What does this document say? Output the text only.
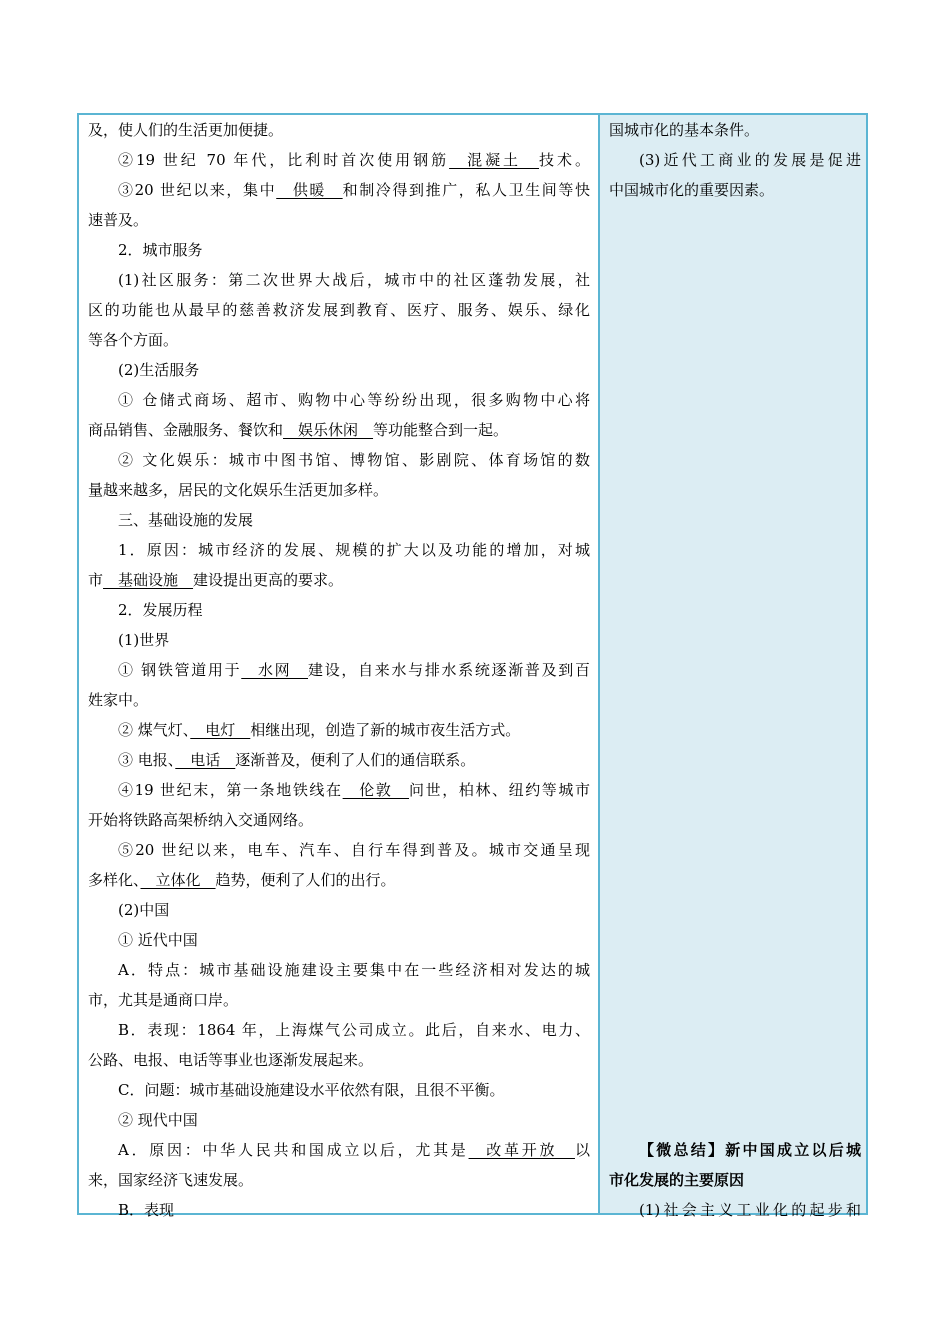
及，使人们的生活更加便捷。
②19 世纪 70 年代，比利时首次使用钢筋　混凝土　技术。
③20 世纪以来，集中　供暖　和制冷得到推广，私人卫生间等快
速普及。
2．城市服务
(1)社区服务：第二次世界大战后，城市中的社区蓬勃发展，社
区的功能也从最早的慈善救济发展到教育、医疗、服务、娱乐、绿化
等各个方面。
(2)生活服务
① 仓储式商场、超市、购物中心等纷纷出现，很多购物中心将
商品销售、金融服务、餐饮和　娱乐休闲　等功能整合到一起。
② 文化娱乐：城市中图书馆、博物馆、影剧院、体育场馆的数
量越来越多，居民的文化娱乐生活更加多样。
三、基础设施的发展
1．原因：城市经济的发展、规模的扩大以及功能的增加，对城
市　基础设施　建设提出更高的要求。
2．发展历程
(1)世界
① 钢铁管道用于　水网　建设，自来水与排水系统逐渐普及到百
姓家中。
② 煤气灯、　电灯　相继出现，创造了新的城市夜生活方式。
③ 电报、　电话　逐渐普及，便利了人们的通信联系。
④19 世纪末，第一条地铁线在　伦敦　问世，柏林、纽约等城市
开始将铁路高架桥纳入交通网络。
⑤20 世纪以来，电车、汽车、自行车得到普及。城市交通呈现
多样化、　立体化　趋势，便利了人们的出行。
(2)中国
① 近代中国
A．特点：城市基础设施建设主要集中在一些经济相对发达的城
市，尤其是通商口岸。
B．表现：1864 年，上海煤气公司成立。此后，自来水、电力、
公路、电报、电话等事业也逐渐发展起来。
C．问题：城市基础设施建设水平依然有限，且很不平衡。
② 现代中国
A．原因：中华人民共和国成立以后，尤其是　改革开放　以
来，国家经济飞速发展。
B．表现
国城市化的基本条件。
(3)近代工商业的发展是促进
中国城市化的重要因素。
【微总结】新中国成立以后城
市化发展的主要原因
(1)社会主义工业化的起步和
